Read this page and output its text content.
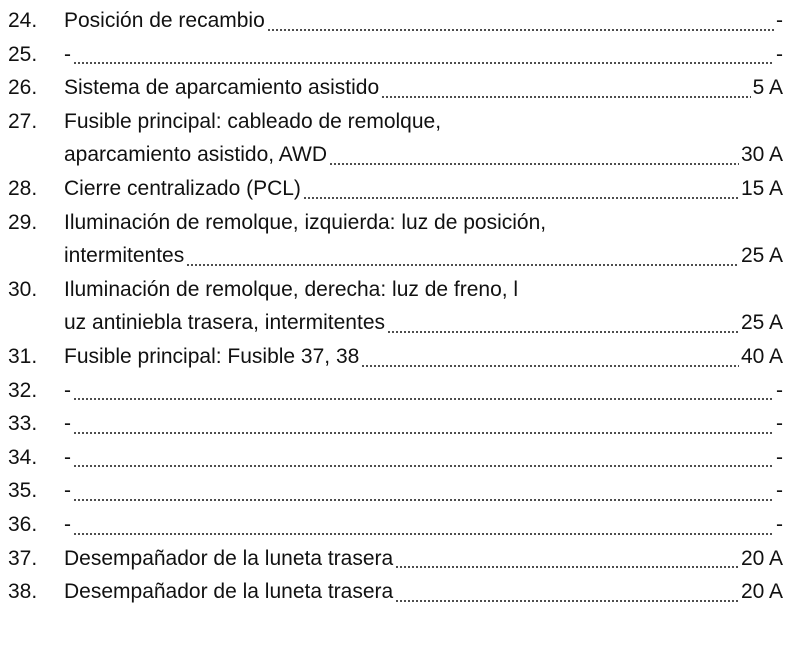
24.	Posición de recambio	-
25.	-	-
26.	Sistema de aparcamiento asistido	5 A
27.	Fusible principal: cableado de remolque,
aparcamiento asistido, AWD	30 A
28.	Cierre centralizado (PCL)	15 A
29.	Iluminación de remolque, izquierda: luz de posición,
intermitentes	25 A
30.	Iluminación de remolque, derecha: luz de freno, l
uz antiniebla trasera, intermitentes	25 A
31.	Fusible principal: Fusible 37, 38	40 A
32.	-	-
33.	-	-
34.	-	-
35.	-	-
36.	-	-
37.	Desempañador de la luneta trasera	20 A
38.	Desempañador de la luneta trasera	20 A
